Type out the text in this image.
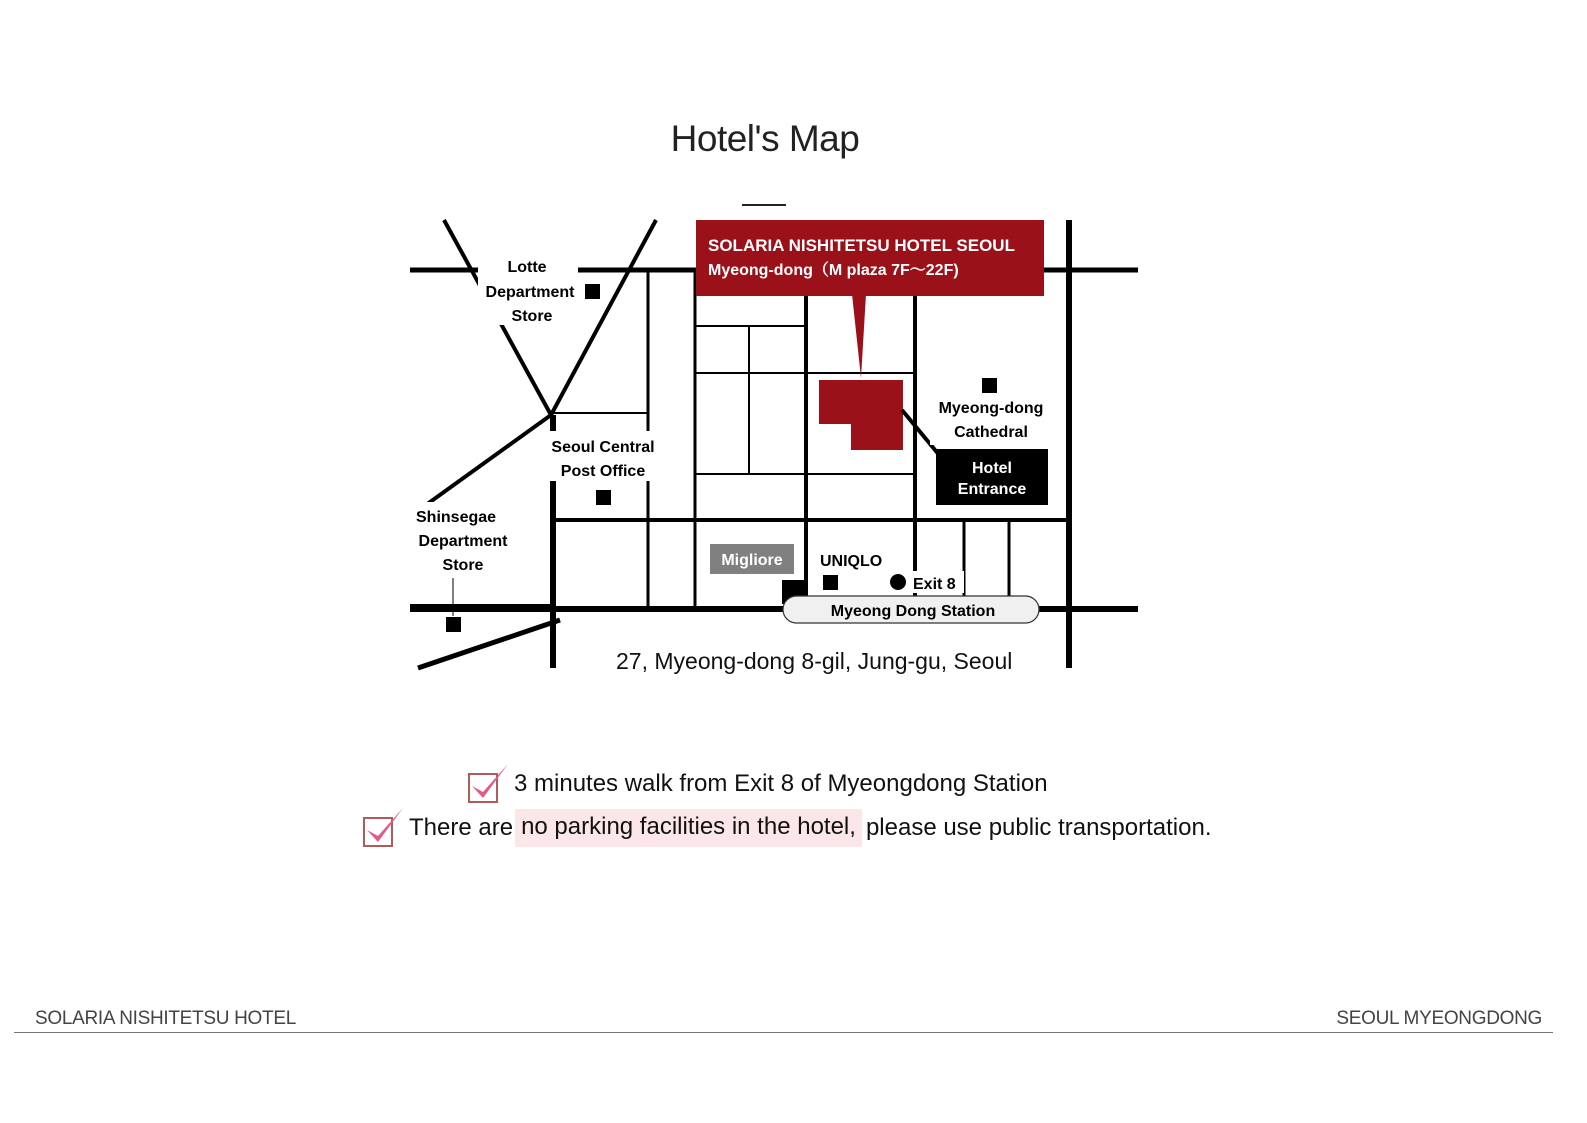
Hotel's Map
SOLARIA NISHITETSU HOTEL SEOUL
Myeong-dong（M plaza 7F～22F)
Lotte
Department
Store
Seoul Central
Post Office
Shinsegae
Department
Store
Myeong-dong
Cathedral
Hotel
Entrance
Migliore UNIQLO
Exit 8
Myeong Dong Station
27, Myeong-dong 8-gil, Jung-gu, Seoul
3 minutes walk from Exit 8 of Myeongdong Station
There are no parking facilities in the hotel, please use public transportation.
SOLARIA NISHITETSU HOTEL	SEOUL MYEONGDONG
